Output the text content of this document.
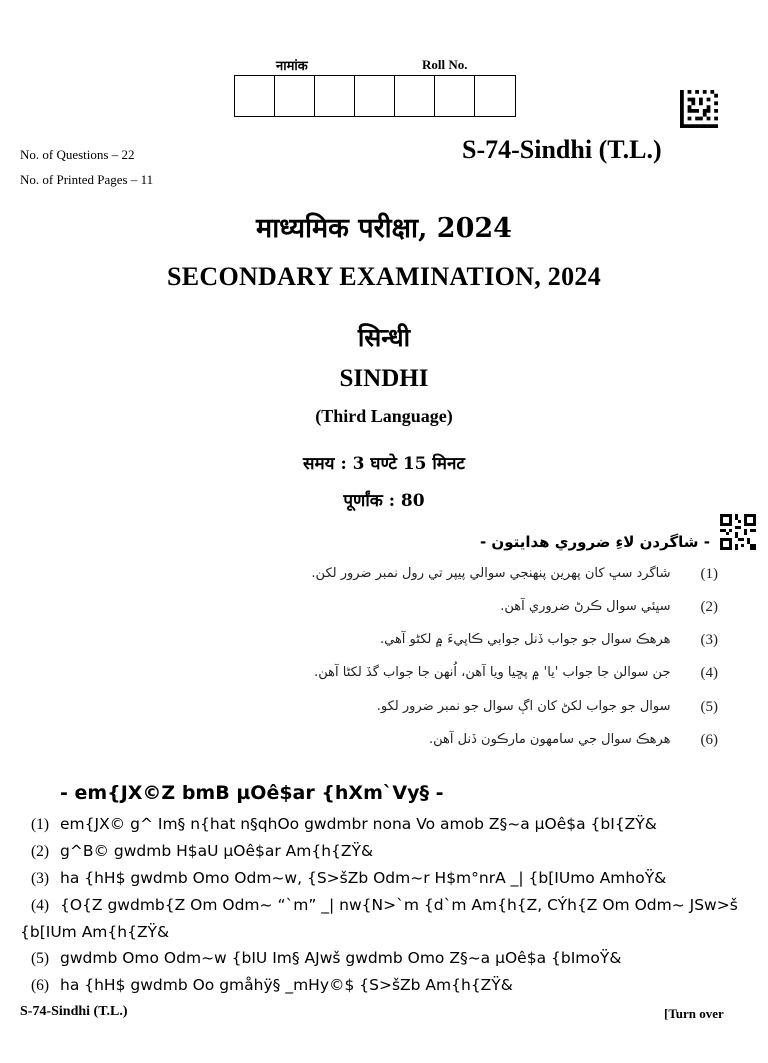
नामांक	Roll No.
No. of Questions – 22
No. of Printed Pages – 11
S-74-Sindhi (T.L.)
माध्यमिक परीक्षा, 2024
SECONDARY EXAMINATION, 2024
सिन्धी
SINDHI
(Third Language)
समय : 3 घण्टे 15 मिनट
पूर्णांक : 80
- شاگردن لاءِ ضروري هدايتون -
(1)
شاگرد سڀ کان پهرين پنهنجي سوالي پيپر تي رول نمبر ضرور لکن.
(2)
سڀئي سوال ڪرڻ ضروري آهن.
(3)
هرهڪ سوال جو جواب ڏنل جوابي ڪاپيءَ ۾ لکڻو آهي.
(4)
جن سوالن جا جواب 'يا' ۾ پڇيا ويا آهن، اُنهن جا جواب گڏ لکڻا آهن.
(5)
سوال جو جواب لکڻ کان اڳ سوال جو نمبر ضرور لکو.
(6)
هرهڪ سوال جي سامهون مارڪون ڏنل آهن.
- em{JX©Z bmB µOê$ar {hXm`Vy§ -
(1) em{JX© g^ Im§ n{hat n§qhOo gwdmbr nona Vo amob Z§~a µOê$a {bI{ZŸ&
(2) g^B© gwdmb H$aU µOê$ar Am{h{ZŸ&
(3) ha {hH$ gwdmb Omo Odm~w, {S>šZb Odm~r H$m°nrA _| {b[IUmo AmhoŸ&
(4) {O{Z gwdmb{Z Om Odm~ “`m” _| nw{N>`m {d`m Am{h{Z, CÝh{Z Om Odm~ JSw>š {b[IUm Am{h{ZŸ&
(5) gwdmb Omo Odm~w {bIU Im§ AJwš gwdmb Omo Z§~a µOê$a {bImoŸ&
(6) ha {hH$ gwdmb Oo gmåhÿ§ _mHy©$ {S>šZb Am{h{ZŸ&
S-74-Sindhi (T.L.)	[Turn over
